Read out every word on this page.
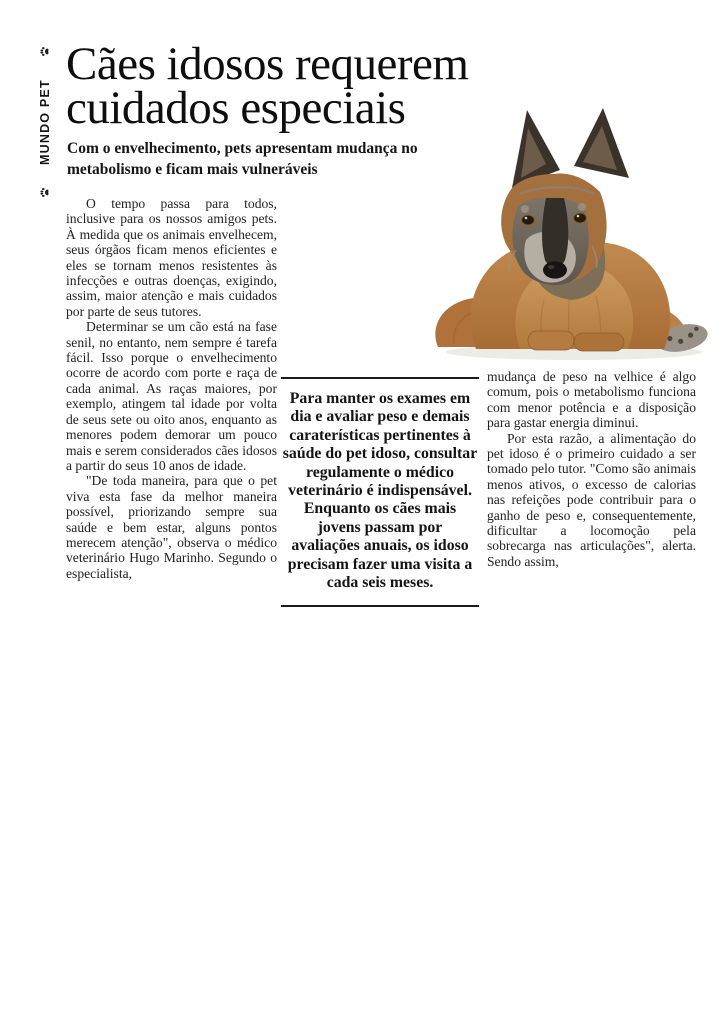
MUNDO PET
Cães idosos requerem
cuidados especiais
Com o envelhecimento, pets apresentam mudança no metabolismo e ficam mais vulneráveis

O tempo passa para todos, inclusive para os nossos amigos pets. À medida que os animais envelhecem, seus órgãos ficam menos eficientes e eles se tornam menos resistentes às infecções e outras doenças, exigindo, assim, maior atenção e mais cuidados por parte de seus tutores.

Determinar se um cão está na fase senil, no entanto, nem sempre é tarefa fácil. Isso porque o envelhecimento ocorre de acordo com porte e raça de cada animal. As raças maiores, por exemplo, atingem tal idade por volta de seus sete ou oito anos, enquanto as menores podem demorar um pouco mais e serem considerados cães idosos a partir do seus 10 anos de idade.

"De toda maneira, para que o pet viva esta fase da melhor maneira possível, priorizando sempre sua saúde e bem estar, alguns pontos merecem atenção", observa o médico veterinário Hugo Marinho. Segundo o especialista,

Para manter os exames em dia e avaliar peso e demais caraterísticas pertinentes à saúde do pet idoso, consultar regulamente o médico veterinário é indispensável. Enquanto os cães mais jovens passam por avaliações anuais, os idoso precisam fazer uma visita a cada seis meses.

mudança de peso na velhice é algo comum, pois o metabolismo funciona com menor potência e a disposição para gastar energia diminui.

Por esta razão, a alimentação do pet idoso é o primeiro cuidado a ser tomado pelo tutor. "Como são animais menos ativos, o excesso de calorias nas refeições pode contribuir para o ganho de peso e, consequentemente, dificultar a locomoção pela sobrecarga nas articulações", alerta. Sendo assim,
